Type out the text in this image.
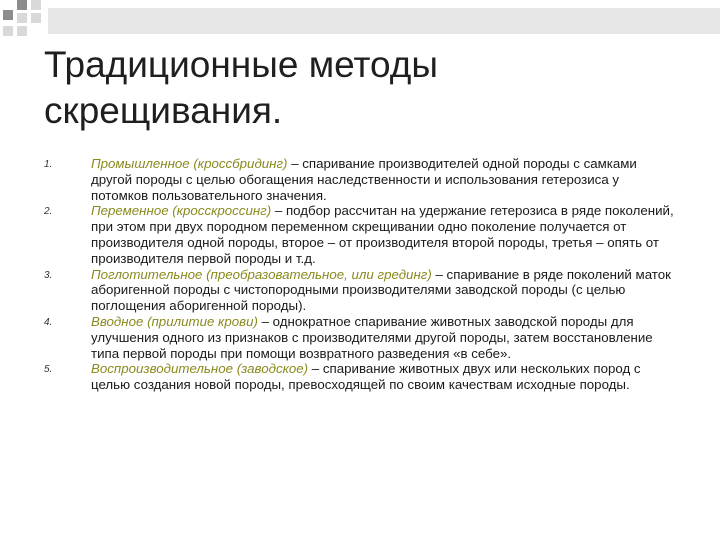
Традиционные методы
скрещивания.
1.	Промышленное (кроссбридинг) – спаривание производителей одной породы с самками другой породы с целью обогащения наследственности и использования гетерозиса у потомков пользовательного значения.
2.	Переменное (кросскроссинг) – подбор рассчитан на удержание гетерозиса в ряде поколений, при этом при двух породном переменном скрещивании одно поколение получается от производителя одной породы, второе – от производителя второй породы, третья – опять от производителя первой породы и т.д.
3.	Поглотительное (преобразовательное, или грединг) – спаривание в ряде поколений маток аборигенной породы с чистопородными производителями заводской породы (с целью поглощения аборигенной породы).
4.	Вводное (прилитие крови) – однократное спаривание животных заводской породы для улучшения одного из признаков с производителями другой породы, затем восстановление типа первой породы при помощи возвратного разведения «в себе».
5.	Воспроизводительное (заводское) – спаривание животных двух или нескольких пород с целью создания новой породы, превосходящей по своим качествам исходные породы.
